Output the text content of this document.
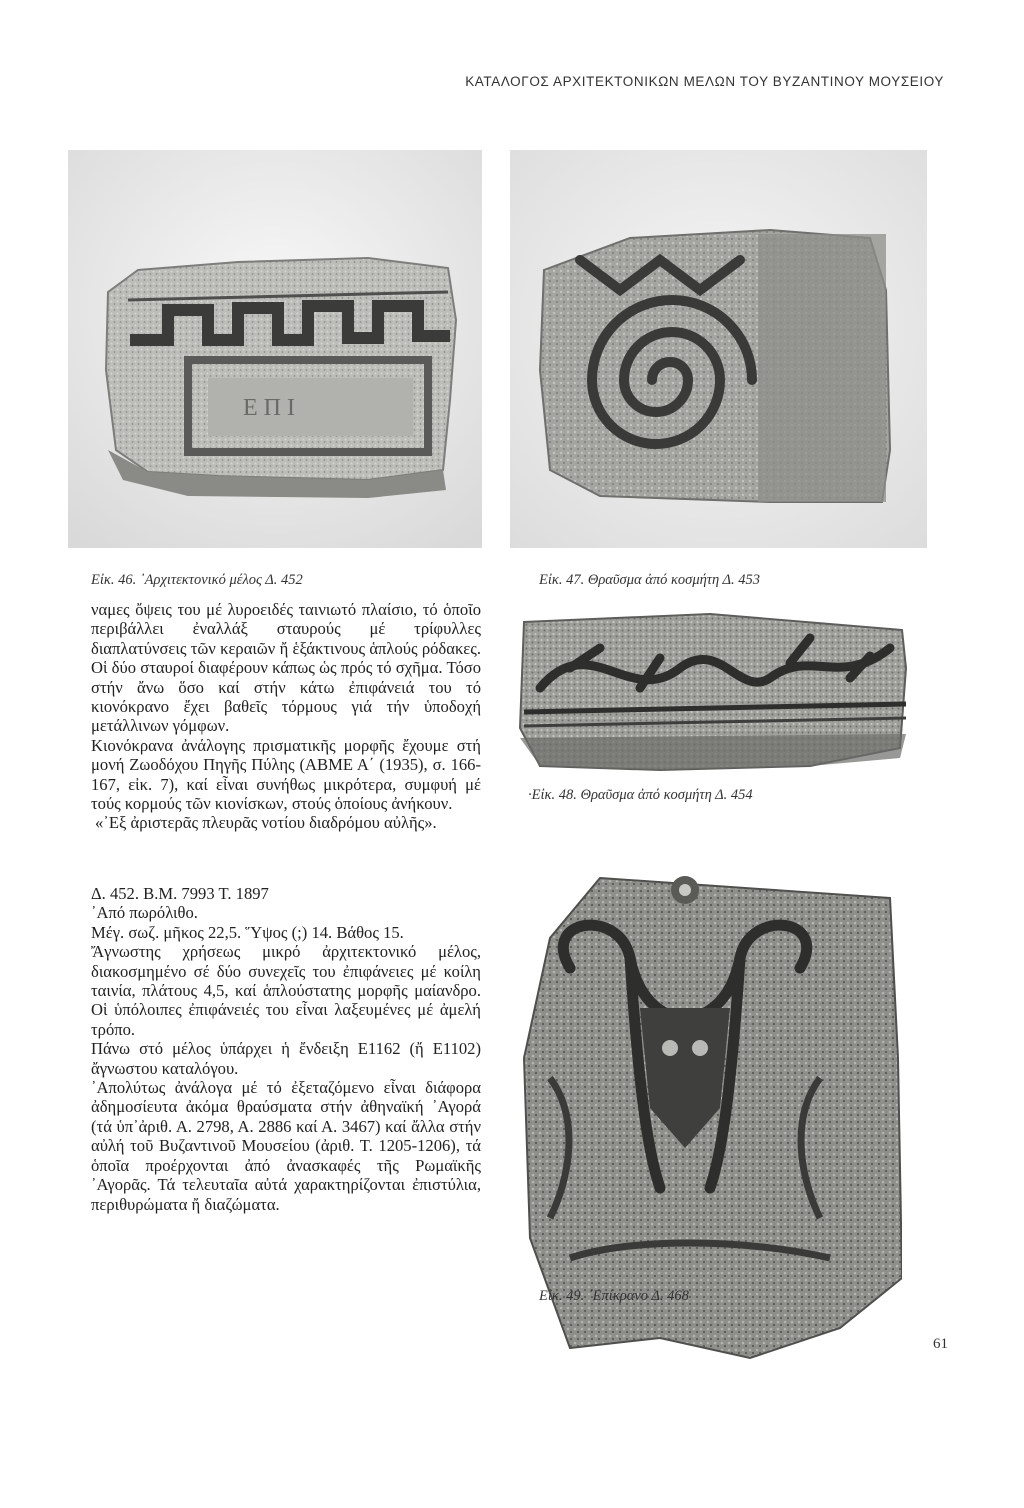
ΚΑΤΑΛΟΓΟΣ ΑΡΧΙΤΕΚΤΟΝΙΚΩΝ ΜΕΛΩΝ ΤΟΥ ΒΥΖΑΝΤΙΝΟΥ ΜΟΥΣΕΙΟΥ
ΕΠΙ
Εἰκ. 46. ᾿Αρχιτεκτονικό μέλος Δ. 452	Εἰκ. 47. Θραῦσμα ἀπό κοσμήτη Δ. 453

ναμες ὄψεις του μέ λυροειδές ταινιωτό πλαίσιο, τό ὁποῖο περιβάλλει ἐναλλάξ σταυρούς μέ τρίφυλλες διαπλατύνσεις τῶν κεραιῶν ἤ ἑξάκτινους ἁπλούς ρόδακες. Οἱ δύο σταυροί διαφέρουν κάπως ὡς πρός τό σχῆμα. Τόσο στήν ἄνω ὅσο καί στήν κάτω ἐπιφάνειά του τό κιονόκρανο ἔχει βαθεῖς τόρμους γιά τήν ὑποδοχή μετάλλινων γόμφων.

Κιονόκρανα ἀνάλογης πρισματικῆς μορφῆς ἔχουμε στή μονή Ζωοδόχου Πηγῆς Πύλης (ΑΒΜΕ Α΄ (1935), σ. 166-167, εἰκ. 7), καί εἶναι συνήθως μικρότερα, συμφυή μέ τούς κορμούς τῶν κιονίσκων, στούς ὁποίους ἀνήκουν.

«᾿Εξ ἀριστερᾶς πλευρᾶς νοτίου διαδρόμου αὐλῆς».

·Εἰκ. 48. Θραῦσμα ἀπό κοσμήτη Δ. 454

Δ. 452. Β.Μ. 7993 Τ. 1897

᾿Από πωρόλιθο.

Μέγ. σωζ. μῆκος 22,5. Ὕψος (;) 14. Βάθος 15.

Ἄγνωστης χρήσεως μικρό ἀρχιτεκτονικό μέλος, διακοσμημένο σέ δύο συνεχεῖς του ἐπιφάνειες μέ κοίλη ταινία, πλάτους 4,5, καί ἁπλούστατης μορφῆς μαίανδρο. Οἱ ὑπόλοιπες ἐπιφάνειές του εἶναι λαξευμένες μέ ἀμελή τρόπο.

Πάνω στό μέλος ὑπάρχει ἡ ἔνδειξη Ε1162 (ἤ Ε1102) ἄγνωστου καταλόγου.

᾿Απολύτως ἀνάλογα μέ τό ἐξεταζόμενο εἶναι διάφορα ἀδημοσίευτα ἀκόμα θραύσματα στήν ἀθηναϊκή ᾿Αγορά (τά ὑπ᾿ἀριθ. Α. 2798, Α. 2886 καί Α. 3467) καί ἄλλα στήν αὐλή τοῦ Βυζαντινοῦ Μουσείου (ἀριθ. Τ. 1205-1206), τά ὁποῖα προέρχονται ἀπό ἀνασκαφές τῆς Ρωμαϊκῆς ᾿Αγορᾶς. Τά τελευταῖα αὐτά χαρακτηρίζονται ἐπιστύλια, περιθυρώματα ἤ διαζώματα.

Εἰκ. 49. ᾿Επίκρανο Δ. 468
61
